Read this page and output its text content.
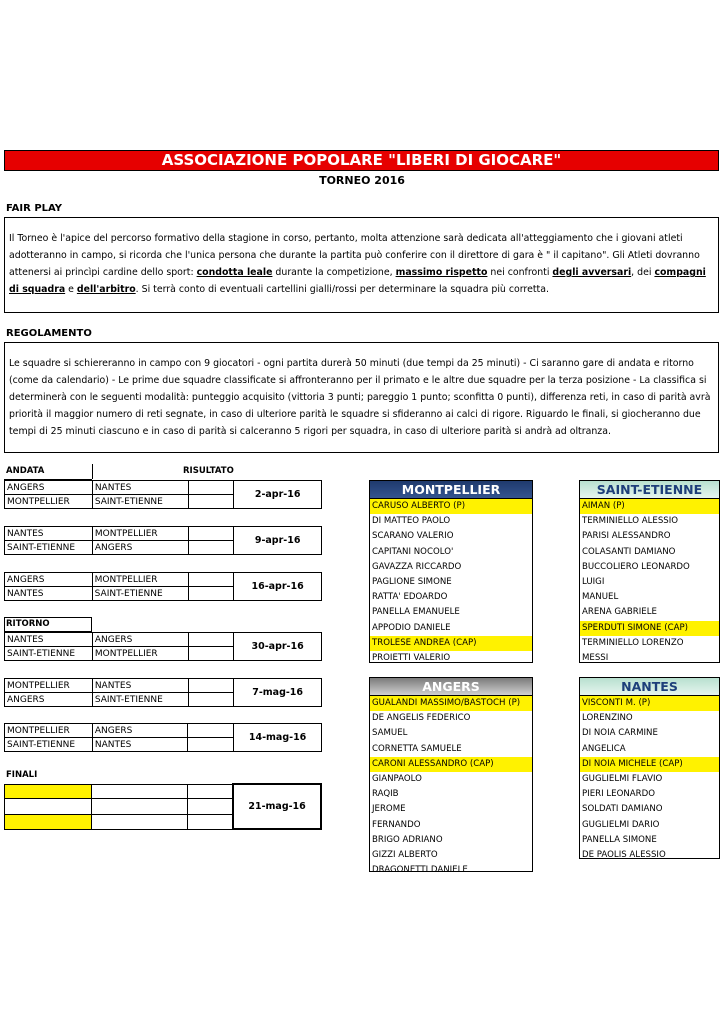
ASSOCIAZIONE POPOLARE "LIBERI DI GIOCARE"
TORNEO 2016
FAIR PLAY
Il Torneo è l'apice del percorso formativo della stagione in corso, pertanto, molta attenzione sarà dedicata all'atteggiamento che i giovani atleti adotteranno in campo, si ricorda che l'unica persona che durante la partita può conferire con il direttore di gara è " il capitano". Gli Atleti dovranno attenersi ai princìpi cardine dello sport: condotta leale durante la competizione, massimo rispetto nei confronti degli avversari, dei compagni di squadra e dell'arbitro. Si terrà conto di eventuali cartellini gialli/rossi per determinare la squadra più corretta.
REGOLAMENTO
Le squadre si schiereranno in campo con 9 giocatori - ogni partita durerà 50 minuti (due tempi da 25 minuti) - Ci saranno gare di andata e ritorno (come da calendario) - Le prime due squadre classificate si affronteranno per il primato e le altre due squadre per la terza posizione - La classifica si determinerà con le seguenti modalità: punteggio acquisito (vittoria 3 punti; pareggio 1 punto; sconfitta 0 punti), differenza reti, in caso di parità avrà priorità il maggior numero di reti segnate, in caso di ulteriore parità le squadre si sfideranno ai calci di rigore. Riguardo le finali, si giocheranno due tempi di 25 minuti ciascuno e in caso di parità si calceranno 5 rigori per squadra, in caso di ulteriore parità si andrà ad oltranza.
ANDATA	RISULTATO
ANGERS	NANTES		2-apr-16
MONTPELLIER	SAINT-ETIENNE		
NANTES	MONTPELLIER		9-apr-16
SAINT-ETIENNE	ANGERS		
ANGERS	MONTPELLIER		16-apr-16
NANTES	SAINT-ETIENNE		
NANTES	ANGERS		30-apr-16
SAINT-ETIENNE	MONTPELLIER		
MONTPELLIER	NANTES		7-mag-16
ANGERS	SAINT-ETIENNE		
MONTPELLIER	ANGERS		14-mag-16
SAINT-ETIENNE	NANTES		
RITORNO
FINALI
			21-mag-16

MONTPELLIER
CARUSO ALBERTO (P)
DI MATTEO PAOLO
SCARANO VALERIO
CAPITANI NOCOLO'
GAVAZZA RICCARDO
PAGLIONE SIMONE
RATTA' EDOARDO
PANELLA EMANUELE
APPODIO DANIELE
TROLESE ANDREA (CAP)
PROIETTI VALERIO
SAINT-ETIENNE
AIMAN (P)
TERMINIELLO ALESSIO
PARISI ALESSANDRO
COLASANTI DAMIANO
BUCCOLIERO LEONARDO
LUIGI
MANUEL
ARENA GABRIELE
SPERDUTI SIMONE (CAP)
TERMINIELLO LORENZO
MESSI
ANGERS
GUALANDI MASSIMO/BASTOCH (P)
DE ANGELIS FEDERICO
SAMUEL
CORNETTA SAMUELE
CARONI ALESSANDRO (CAP)
GIANPAOLO
RAQIB
JEROME
FERNANDO
BRIGO ADRIANO
GIZZI ALBERTO
DRAGONETTI DANIELE
NANTES
VISCONTI M. (P)
LORENZINO
DI NOIA CARMINE
ANGELICA
DI NOIA MICHELE (CAP)
GUGLIELMI FLAVIO
PIERI LEONARDO
SOLDATI DAMIANO
GUGLIELMI DARIO
PANELLA SIMONE
DE PAOLIS ALESSIO
